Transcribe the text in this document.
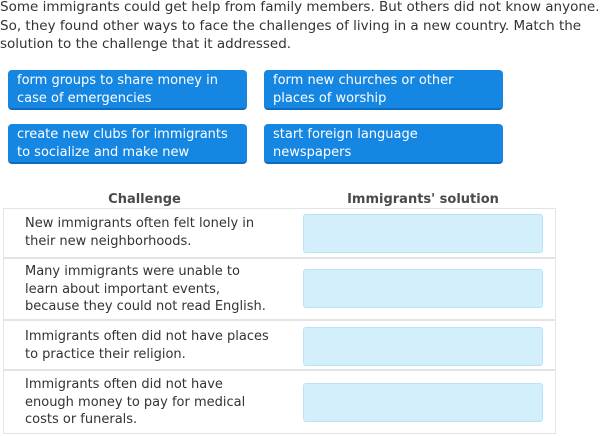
Some immigrants could get help from family members. But others did not know anyone. So, they found other ways to face the challenges of living in a new country. Match the solution to the challenge that it addressed.

form groups to share money in case of emergencies
form new churches or other places of worship
create new clubs for immigrants to socialize and make new friends
start foreign language newspapers
Challenge	Immigrants' solution
New immigrants often felt lonely in their new neighborhoods.
Many immigrants were unable to learn about important events, because they could not read English.
Immigrants often did not have places to practice their religion.
Immigrants often did not have enough money to pay for medical costs or funerals.
